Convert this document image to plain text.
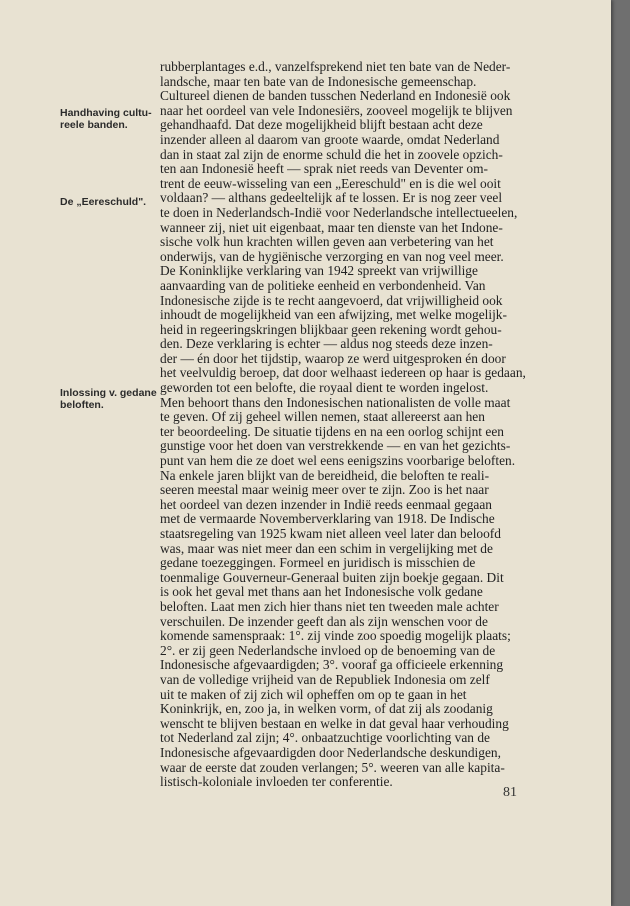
Handhaving cultu- reele banden.
De „Eereschuld".
Inlossing v. gedane beloften.
rubberplantages e.d., vanzelfsprekend niet ten bate van de Neder-
landsche, maar ten bate van de Indonesische gemeenschap.
Cultureel dienen de banden tusschen Nederland en Indonesië ook
naar het oordeel van vele Indonesiërs, zooveel mogelijk te blijven
gehandhaafd. Dat deze mogelijkheid blijft bestaan acht deze
inzender alleen al daarom van groote waarde, omdat Nederland
dan in staat zal zijn de enorme schuld die het in zoovele opzich-
ten aan Indonesië heeft — sprak niet reeds van Deventer om-
trent de eeuw-wisseling van een „Eereschuld" en is die wel ooit
voldaan? — althans gedeeltelijk af te lossen. Er is nog zeer veel
te doen in Nederlandsch-Indië voor Nederlandsche intellectueelen,
wanneer zij, niet uit eigenbaat, maar ten dienste van het Indone-
sische volk hun krachten willen geven aan verbetering van het
onderwijs, van de hygiënische verzorging en van nog veel meer.
De Koninklijke verklaring van 1942 spreekt van vrijwillige
aanvaarding van de politieke eenheid en verbondenheid. Van
Indonesische zijde is te recht aangevoerd, dat vrijwilligheid ook
inhoudt de mogelijkheid van een afwijzing, met welke mogelijk-
heid in regeeringskringen blijkbaar geen rekening wordt gehou-
den. Deze verklaring is echter — aldus nog steeds deze inzen-
der — én door het tijdstip, waarop ze werd uitgesproken én door
het veelvuldig beroep, dat door welhaast iedereen op haar is gedaan,
geworden tot een belofte, die royaal dient te worden ingelost.
Men behoort thans den Indonesischen nationalisten de volle maat
te geven. Of zij geheel willen nemen, staat allereerst aan hen
ter beoordeeling. De situatie tijdens en na een oorlog schijnt een
gunstige voor het doen van verstrekkende — en van het gezichts-
punt van hem die ze doet wel eens eenigszins voorbarige beloften.
Na enkele jaren blijkt van de bereidheid, die beloften te reali-
seeren meestal maar weinig meer over te zijn. Zoo is het naar
het oordeel van dezen inzender in Indië reeds eenmaal gegaan
met de vermaarde Novemberverklaring van 1918. De Indische
staatsregeling van 1925 kwam niet alleen veel later dan beloofd
was, maar was niet meer dan een schim in vergelijking met de
gedane toezeggingen. Formeel en juridisch is misschien de
toenmalige Gouverneur-Generaal buiten zijn boekje gegaan. Dit
is ook het geval met thans aan het Indonesische volk gedane
beloften. Laat men zich hier thans niet ten tweeden male achter
verschuilen. De inzender geeft dan als zijn wenschen voor de
komende samenspraak: 1°. zij vinde zoo spoedig mogelijk plaats;
2°. er zij geen Nederlandsche invloed op de benoeming van de
Indonesische afgevaardigden; 3°. vooraf ga officieele erkenning
van de volledige vrijheid van de Republiek Indonesia om zelf
uit te maken of zij zich wil opheffen om op te gaan in het
Koninkrijk, en, zoo ja, in welken vorm, of dat zij als zoodanig
wenscht te blijven bestaan en welke in dat geval haar verhouding
tot Nederland zal zijn; 4°. onbaatzuchtige voorlichting van de
Indonesische afgevaardigden door Nederlandsche deskundigen,
waar de eerste dat zouden verlangen; 5°. weeren van alle kapita-
listisch-koloniale invloeden ter conferentie.
81
